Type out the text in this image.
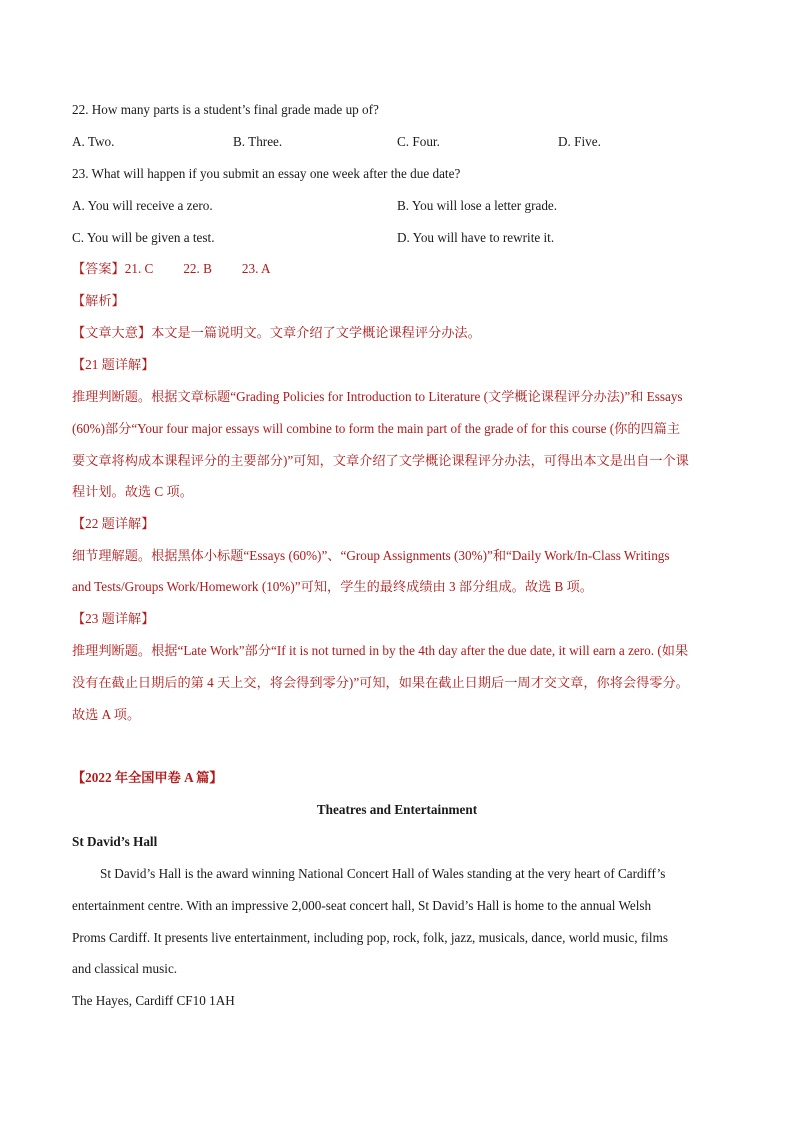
22. How many parts is a student’s final grade made up of?
A. Two.	B. Three.	C. Four.	D. Five.
23. What will happen if you submit an essay one week after the due date?
A. You will receive a zero.	B. You will lose a letter grade.
C. You will be given a test.	D. You will have to rewrite it.
【答案】21. C 22. B 23. A
【解析】
【文章大意】本文是一篇说明文。文章介绍了文学概论课程评分办法。
【21 题详解】
推理判断题。根据文章标题“Grading Policies for Introduction to Literature (文学概论课程评分办法)”和 Essays
(60%)部分“Your four major essays will combine to form the main part of the grade of for this course (你的四篇主
要文章将构成本课程评分的主要部分)”可知，文章介绍了文学概论课程评分办法，可得出本文是出自一个课
程计划。故选 C 项。
【22 题详解】
细节理解题。根据黑体小标题“Essays (60%)”、“Group Assignments (30%)”和“Daily Work/In-Class Writings
and Tests/Groups Work/Homework (10%)”可知，学生的最终成绩由 3 部分组成。故选 B 项。
【23 题详解】
推理判断题。根据“Late Work”部分“If it is not turned in by the 4th day after the due date, it will earn a zero. (如果
没有在截止日期后的第 4 天上交，将会得到零分)”可知，如果在截止日期后一周才交文章，你将会得零分。
故选 A 项。
【2022 年全国甲卷 A 篇】
Theatres and Entertainment
St David’s Hall
St David’s Hall is the award winning National Concert Hall of Wales standing at the very heart of Cardiff’s
entertainment centre. With an impressive 2,000-seat concert hall, St David’s Hall is home to the annual Welsh
Proms Cardiff. It presents live entertainment, including pop, rock, folk, jazz, musicals, dance, world music, films
and classical music.
The Hayes, Cardiff CF10 1AH
